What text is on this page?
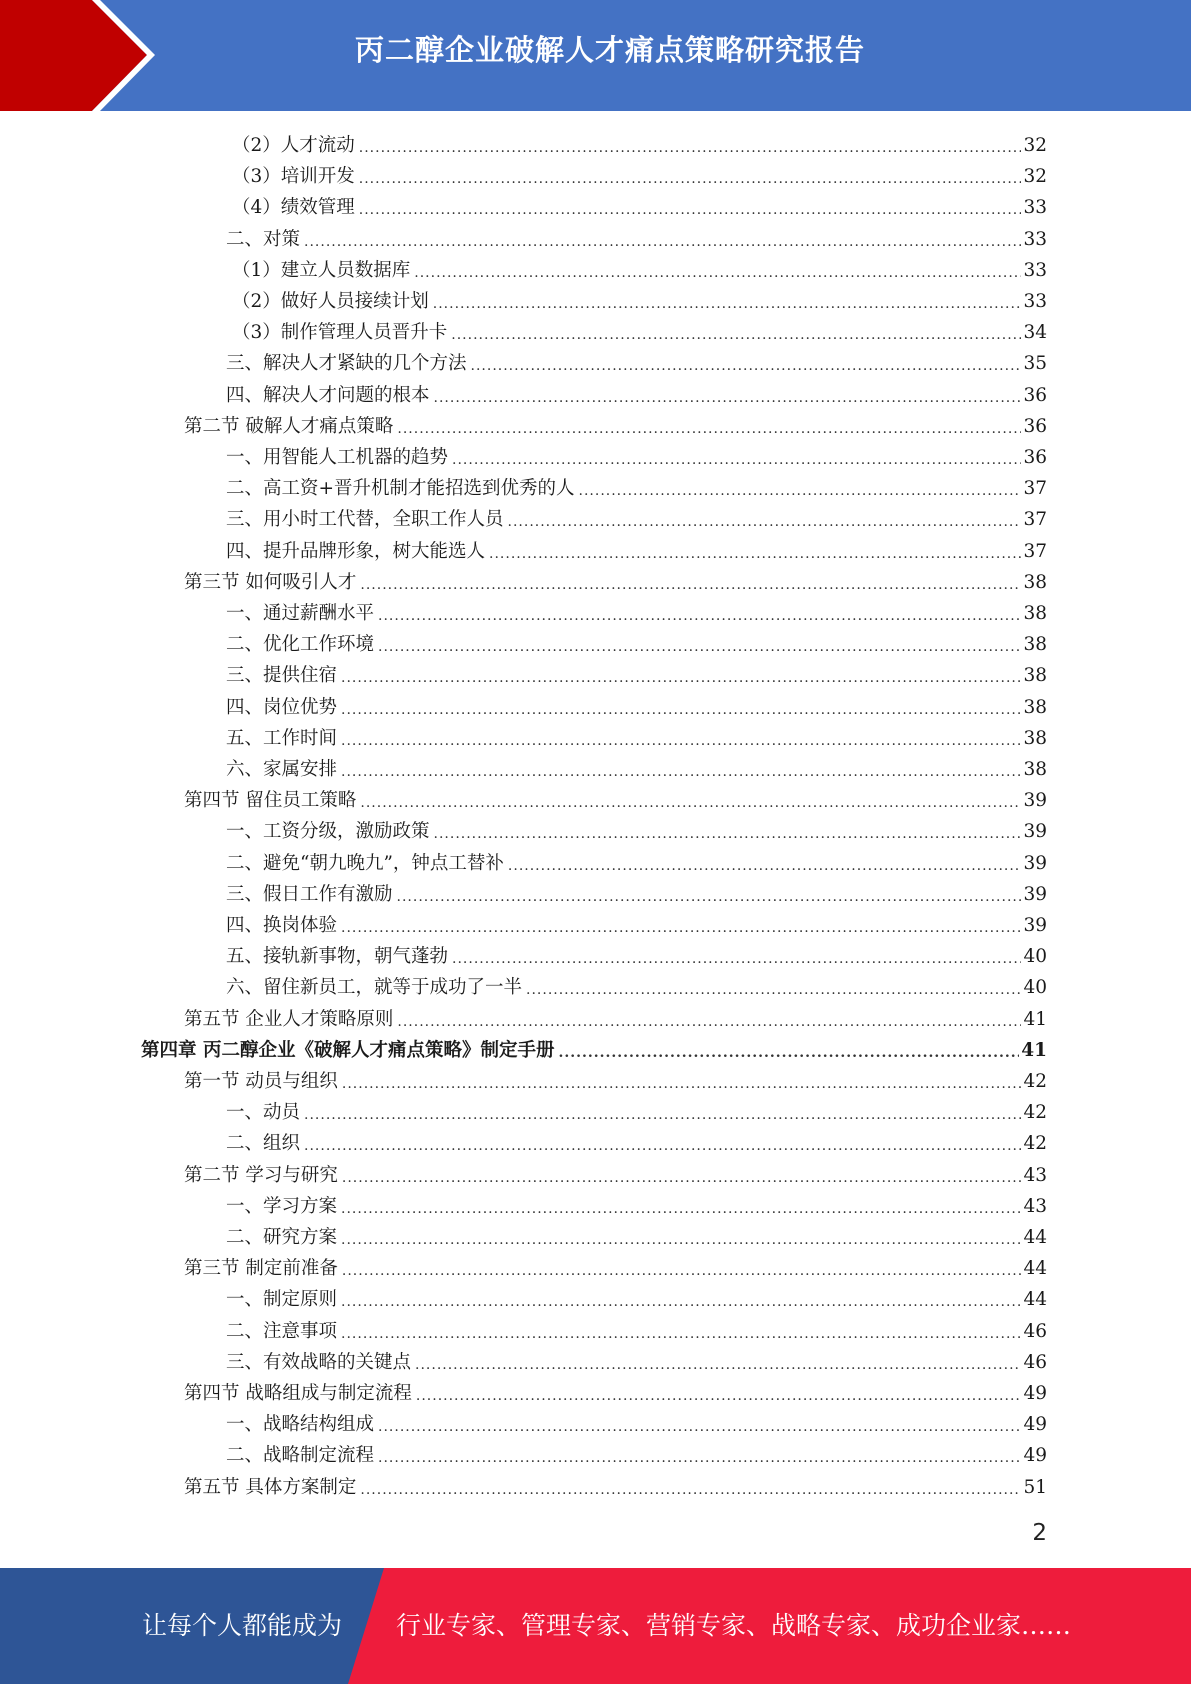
丙二醇企业破解人才痛点策略研究报告
（2）人才流动 .....	32
（3）培训开发 .....	32
（4）绩效管理 .....	33
二、对策 .....	33
（1）建立人员数据库 .....	33
（2）做好人员接续计划 .....	33
（3）制作管理人员晋升卡 .....	34
三、解决人才紧缺的几个方法 .....	35
四、解决人才问题的根本 .....	36
第二节 破解人才痛点策略 .....	36
一、用智能人工机器的趋势 .....	36
二、高工资+晋升机制才能招选到优秀的人 .....	37
三、用小时工代替，全职工作人员 .....	37
四、提升品牌形象，树大能选人 .....	37
第三节 如何吸引人才 .....	38
一、通过薪酬水平 .....	38
二、优化工作环境 .....	38
三、提供住宿 .....	38
四、岗位优势 .....	38
五、工作时间 .....	38
六、家属安排 .....	38
第四节 留住员工策略 .....	39
一、工资分级，激励政策 .....	39
二、避免“朝九晚九”，钟点工替补 .....	39
三、假日工作有激励 .....	39
四、换岗体验 .....	39
五、接轨新事物，朝气蓬勃 .....	40
六、留住新员工，就等于成功了一半 .....	40
第五节 企业人才策略原则 .....	41
第四章 丙二醇企业《破解人才痛点策略》制定手册 .....	41
第一节 动员与组织 .....	42
一、动员 .....	42
二、组织 .....	42
第二节 学习与研究 .....	43
一、学习方案 .....	43
二、研究方案 .....	44
第三节 制定前准备 .....	44
一、制定原则 .....	44
二、注意事项 .....	46
三、有效战略的关键点 .....	46
第四节 战略组成与制定流程 .....	49
一、战略结构组成 .....	49
二、战略制定流程 .....	49
第五节 具体方案制定 .....	51
2
让每个人都能成为 行业专家、管理专家、营销专家、战略专家、成功企业家……
